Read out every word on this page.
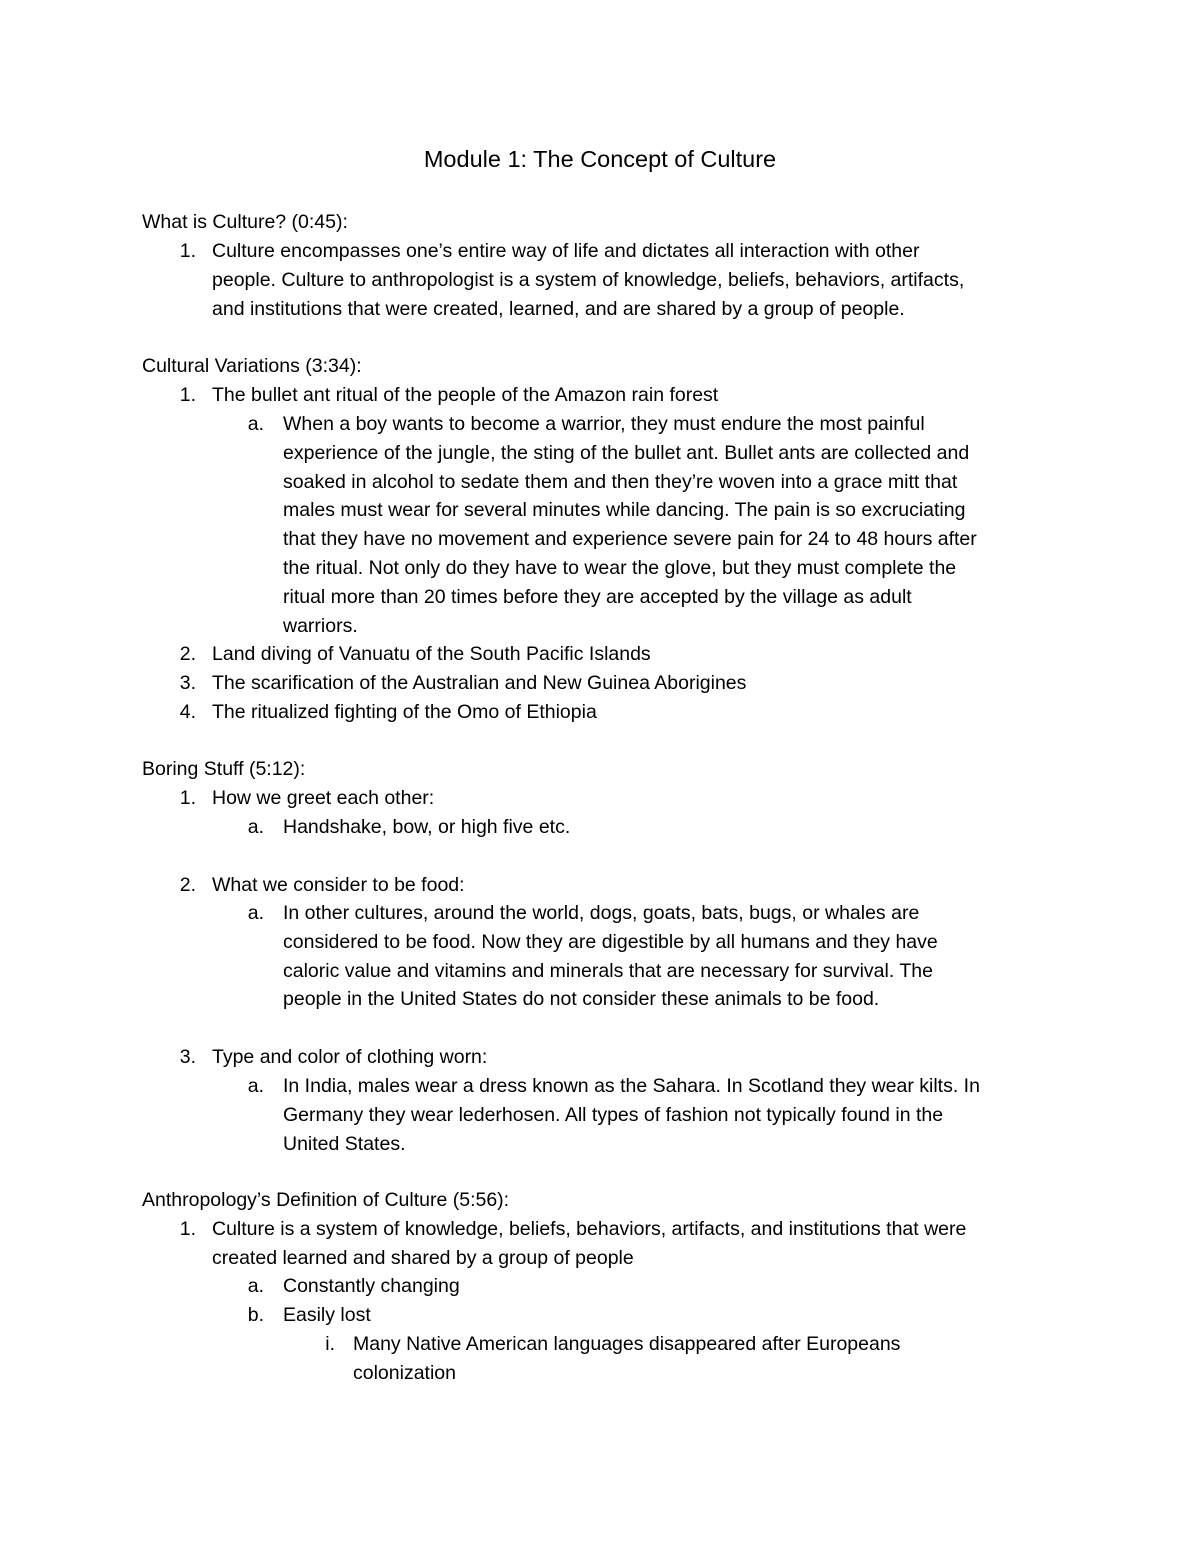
Module 1: The Concept of Culture
What is Culture? (0:45):
1. Culture encompasses one’s entire way of life and dictates all interaction with other
people. Culture to anthropologist is a system of knowledge, beliefs, behaviors, artifacts,
and institutions that were created, learned, and are shared by a group of people.
Cultural Variations (3:34):
1. The bullet ant ritual of the people of the Amazon rain forest
a. When a boy wants to become a warrior, they must endure the most painful
experience of the jungle, the sting of the bullet ant. Bullet ants are collected and
soaked in alcohol to sedate them and then they’re woven into a grace mitt that
males must wear for several minutes while dancing. The pain is so excruciating
that they have no movement and experience severe pain for 24 to 48 hours after
the ritual. Not only do they have to wear the glove, but they must complete the
ritual more than 20 times before they are accepted by the village as adult
warriors.
2. Land diving of Vanuatu of the South Pacific Islands
3. The scarification of the Australian and New Guinea Aborigines
4. The ritualized fighting of the Omo of Ethiopia
Boring Stuff (5:12):
1. How we greet each other:
a. Handshake, bow, or high five etc.
2. What we consider to be food:
a. In other cultures, around the world, dogs, goats, bats, bugs, or whales are
considered to be food. Now they are digestible by all humans and they have
caloric value and vitamins and minerals that are necessary for survival. The
people in the United States do not consider these animals to be food.
3. Type and color of clothing worn:
a. In India, males wear a dress known as the Sahara. In Scotland they wear kilts. In
Germany they wear lederhosen. All types of fashion not typically found in the
United States.
Anthropology’s Definition of Culture (5:56):
1. Culture is a system of knowledge, beliefs, behaviors, artifacts, and institutions that were
created learned and shared by a group of people
a. Constantly changing
b. Easily lost
i. Many Native American languages disappeared after Europeans
colonization
